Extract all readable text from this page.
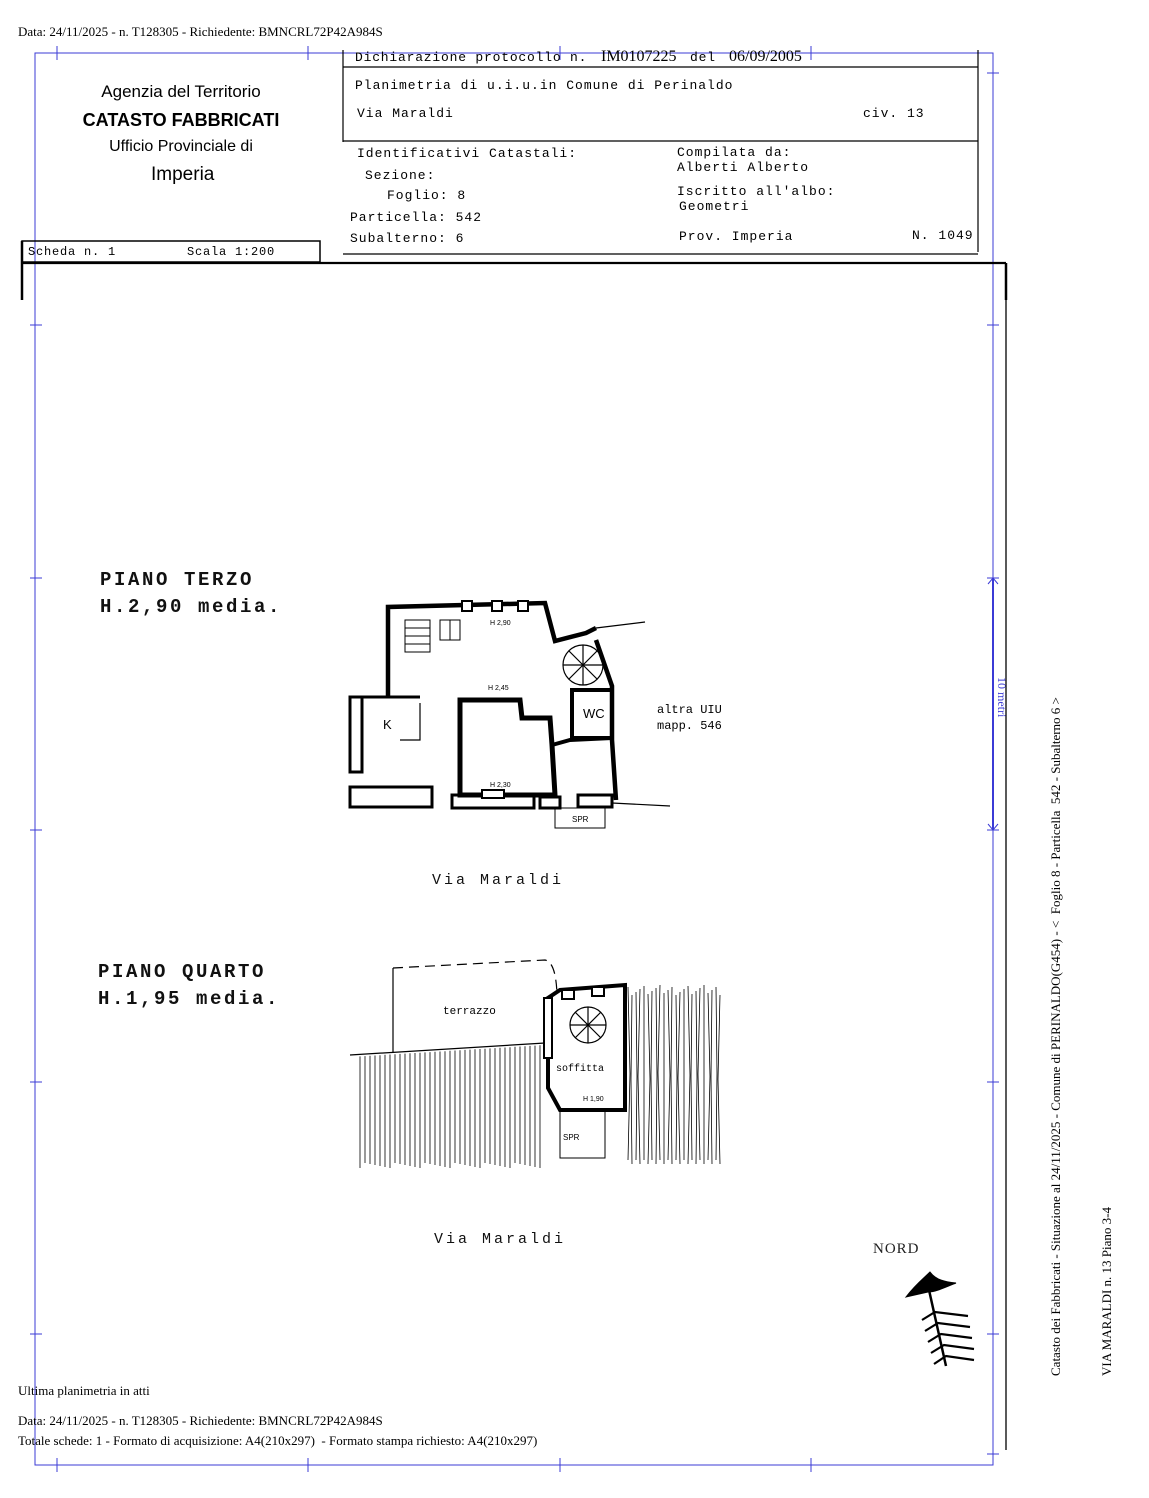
H 2,90
H 2,45
H 2,30
K
WC	altra UIU
mapp. 546
SPR
terrazzo
soffitta
H 1,90
SPR
Data: 24/11/2025 - n. T128305 - Richiedente: BMNCRL72P42A984S
Agenzia del Territorio
CATASTO FABBRICATI
Ufficio Provinciale di
Imperia
Dichiarazione protocollo n. IM0107225 del 06/09/2005
Planimetria di u.i.u.in Comune di Perinaldo
Via Maraldi	civ. 13
Identificativi Catastali:
Sezione:
Foglio: 8
Particella: 542
Subalterno: 6
Compilata da:
Alberti Alberto
Iscritto all'albo:
Geometri
Prov. Imperia	N. 1049
Scheda n. 1	Scala 1:200
PIANO TERZO
H.2,90 media.
Via Maraldi
PIANO QUARTO
H.1,95 media.
Via Maraldi
NORD
10 metri

	Catasto dei Fabbricati - Situazione al 24/11/2025 - Comune di PERINALDO(G454) - <  Foglio 8 - Particella  542 - Subalterno 6 >

	VIA MARALDI n. 13 Piano 3-4

Ultima planimetria in atti
Data: 24/11/2025 - n. T128305 - Richiedente: BMNCRL72P42A984S
Totale schede: 1 - Formato di acquisizione: A4(210x297)  - Formato stampa richiesto: A4(210x297)
